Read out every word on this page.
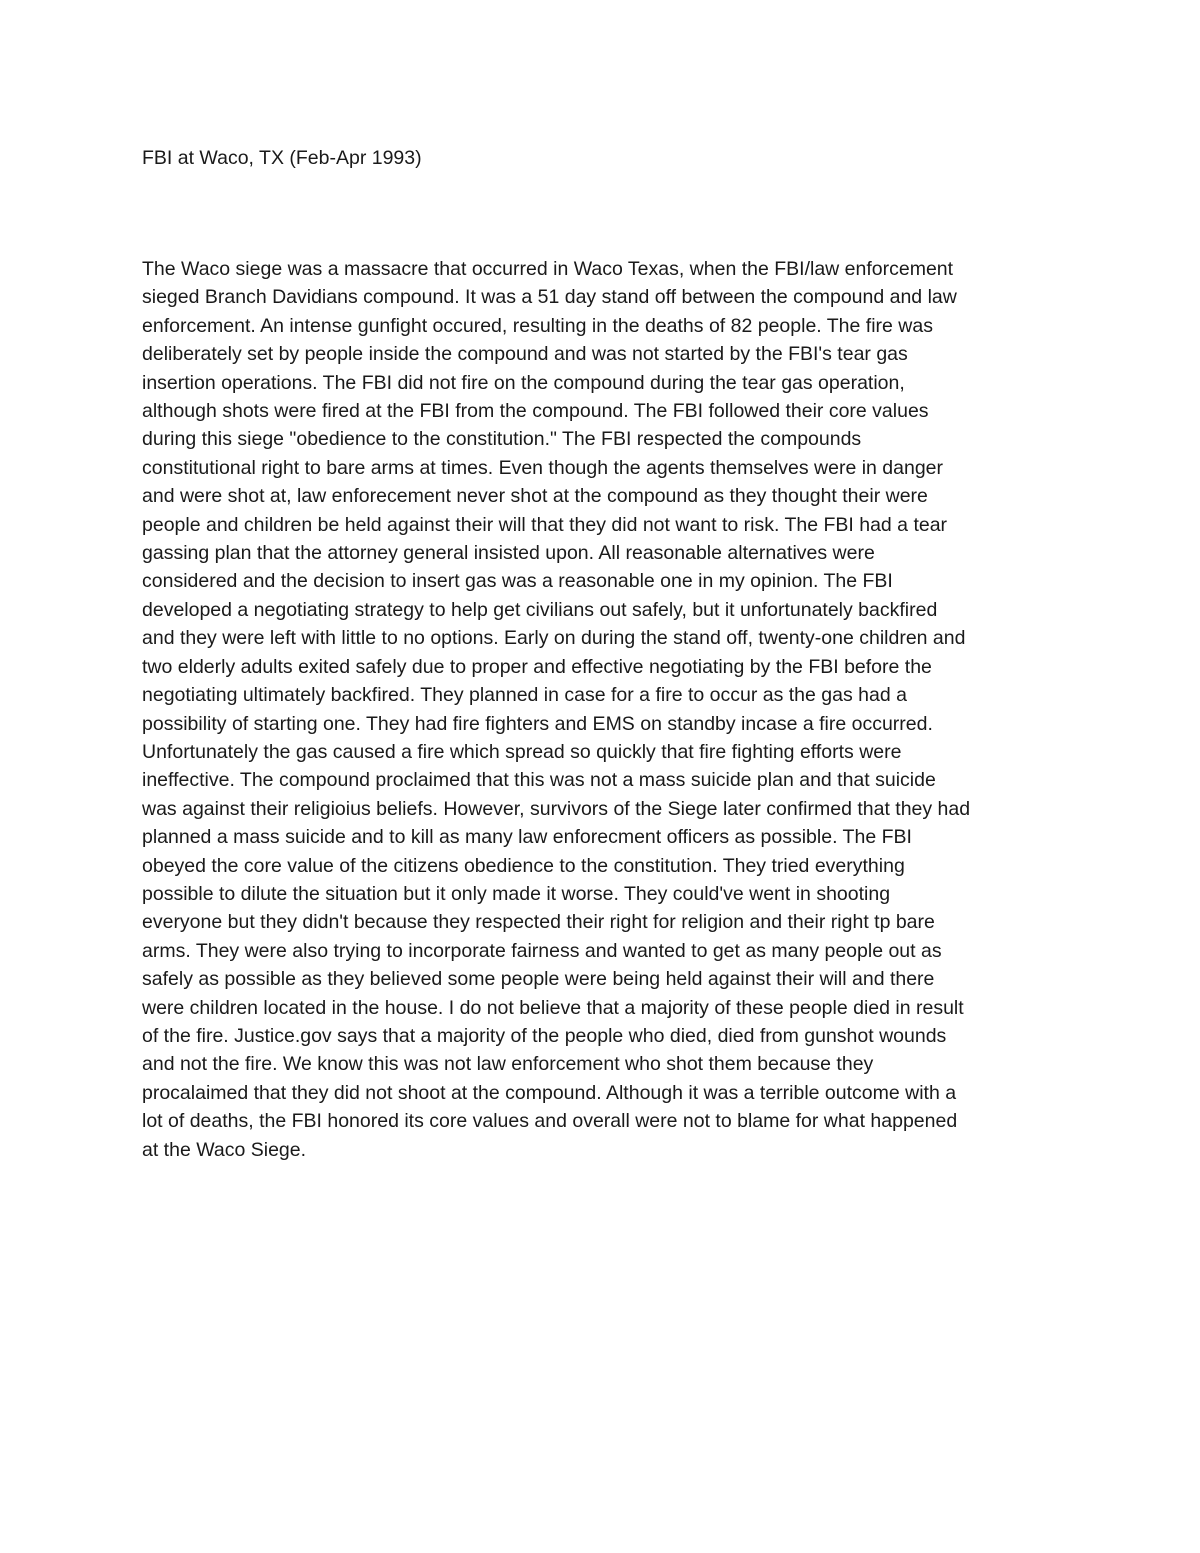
FBI at Waco, TX (Feb-Apr 1993)
The Waco siege was a massacre that occurred in Waco Texas, when the FBI/law enforcement
sieged Branch Davidians compound. It was a 51 day stand off between the compound and law
enforcement. An intense gunfight occured, resulting in the deaths of 82 people. The fire was
deliberately set by people inside the compound and was not started by the FBI's tear gas
insertion operations. The FBI did not fire on the compound during the tear gas operation,
although shots were fired at the FBI from the compound. The FBI followed their core values
during this siege "obedience to the constitution." The FBI respected the compounds
constitutional right to bare arms at times. Even though the agents themselves were in danger
and were shot at, law enforecement never shot at the compound as they thought their were
people and children be held against their will that they did not want to risk. The FBI had a tear
gassing plan that the attorney general insisted upon. All reasonable alternatives were
considered and the decision to insert gas was a reasonable one in my opinion. The FBI
developed a negotiating strategy to help get civilians out safely, but it unfortunately backfired
and they were left with little to no options. Early on during the stand off, twenty-one children and
two elderly adults exited safely due to proper and effective negotiating by the FBI before the
negotiating ultimately backfired. They planned in case for a fire to occur as the gas had a
possibility of starting one. They had fire fighters and EMS on standby incase a fire occurred.
Unfortunately the gas caused a fire which spread so quickly that fire fighting efforts were
ineffective. The compound proclaimed that this was not a mass suicide plan and that suicide
was against their religioius beliefs. However, survivors of the Siege later confirmed that they had
planned a mass suicide and to kill as many law enforecment officers as possible. The FBI
obeyed the core value of the citizens obedience to the constitution. They tried everything
possible to dilute the situation but it only made it worse. They could've went in shooting
everyone but they didn't because they respected their right for religion and their right tp bare
arms. They were also trying to incorporate fairness and wanted to get as many people out as
safely as possible as they believed some people were being held against their will and there
were children located in the house. I do not believe that a majority of these people died in result
of the fire. Justice.gov says that a majority of the people who died, died from gunshot wounds
and not the fire. We know this was not law enforcement who shot them because they
procalaimed that they did not shoot at the compound. Although it was a terrible outcome with a
lot of deaths, the FBI honored its core values and overall were not to blame for what happened
at the Waco Siege.
